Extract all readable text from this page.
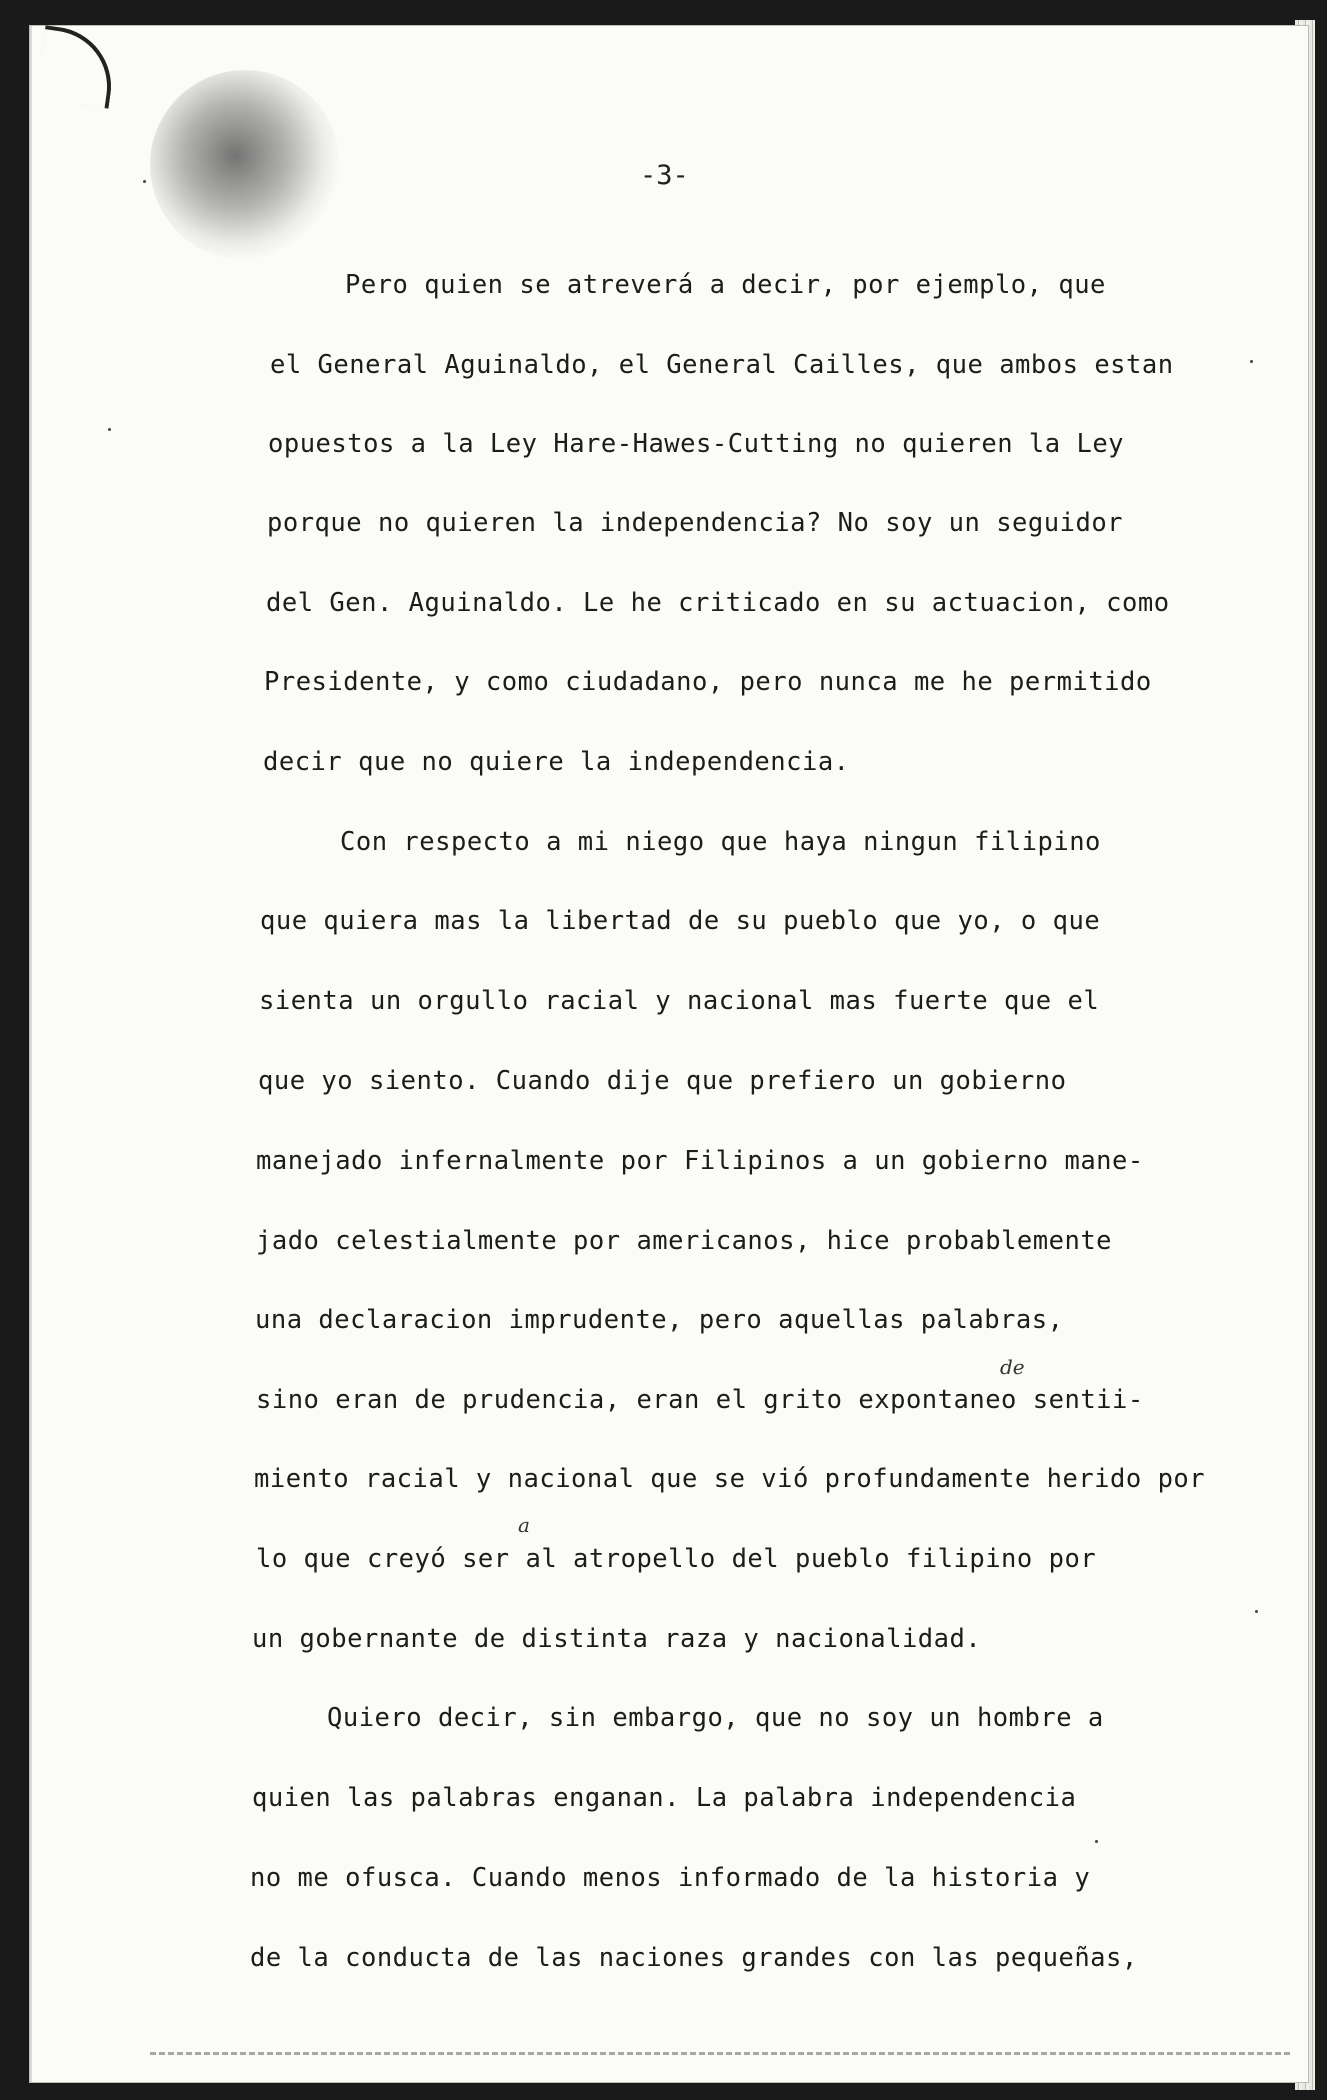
-3-
Pero quien se atreverá a decir, por ejemplo, que
el General Aguinaldo, el General Cailles, que ambos estan
opuestos a la Ley Hare-Hawes-Cutting no quieren la Ley
porque no quieren la independencia? No soy un seguidor
del Gen. Aguinaldo. Le he criticado en su actuacion, como
Presidente, y como ciudadano, pero nunca me he permitido
decir que no quiere la independencia.
Con respecto a mi niego que haya ningun filipino
que quiera mas la libertad de su pueblo que yo, o que
sienta un orgullo racial y nacional mas fuerte que el
que yo siento. Cuando dije que prefiero un gobierno
manejado infernalmente por Filipinos a un gobierno mane-
jado celestialmente por americanos, hice probablemente
una declaracion imprudente, pero aquellas palabras,
sino eran de prudencia, eran el grito expontaneo sentii-
miento racial y nacional que se vió profundamente herido por
lo que creyó ser al atropello del pueblo filipino por
un gobernante de distinta raza y nacionalidad.
Quiero decir, sin embargo, que no soy un hombre a
quien las palabras enganan. La palabra independencia
no me ofusca. Cuando menos informado de la historia y
de la conducta de las naciones grandes con las pequeñas,
de
a
